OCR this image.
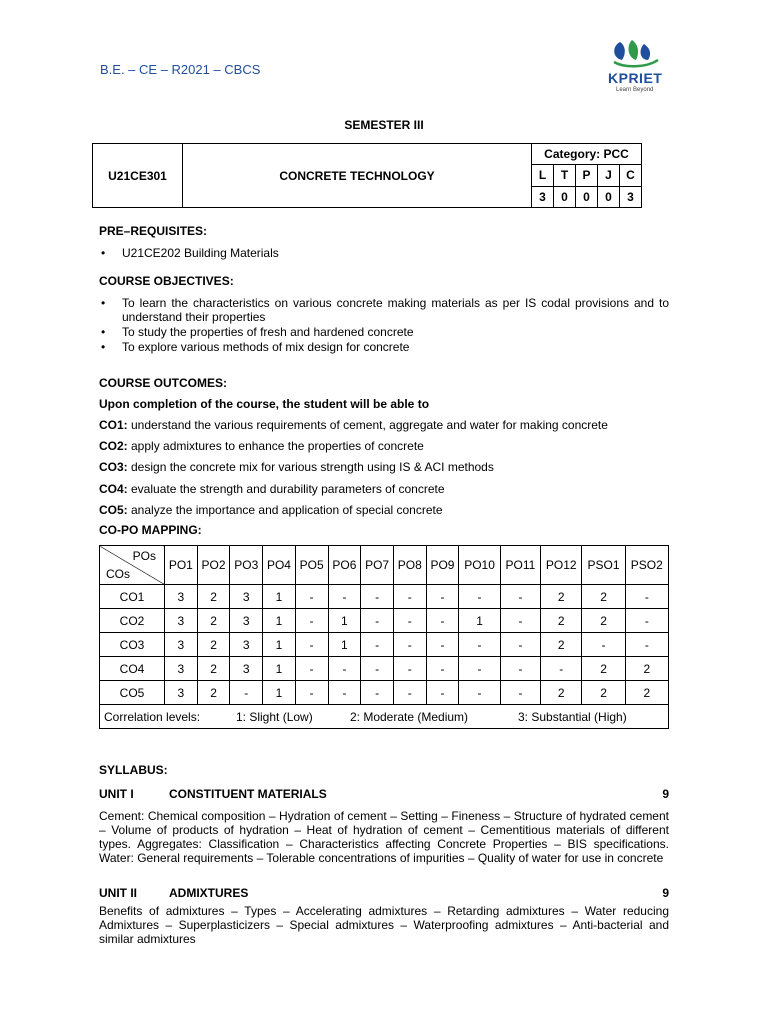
B.E. – CE – R2021 – CBCS
KPRIET
Learn Beyond
SEMESTER III
U21CE301	CONCRETE TECHNOLOGY	Category: PCC				
		L	T	P	J	C
		3	0	0	0	3
PRE–REQUISITES:
• U21CE202 Building Materials
COURSE OBJECTIVES:
• To learn the characteristics on various concrete making materials as per IS codal provisions and to understand their properties
• To study the properties of fresh and hardened concrete
• To explore various methods of mix design for concrete
COURSE OUTCOMES:
Upon completion of the course, the student will be able to
CO1: understand the various requirements of cement, aggregate and water for making concrete
CO2: apply admixtures to enhance the properties of concrete
CO3: design the concrete mix for various strength using IS & ACI methods
CO4: evaluate the strength and durability parameters of concrete
CO5: analyze the importance and application of special concrete
CO-PO MAPPING:
POs
COs	PO1	PO2	PO3	PO4	PO5	PO6	PO7	PO8	PO9	PO10	PO11	PO12	PSO1	PSO2
CO1	3	2	3	1	-	-	-	-	-	-	-	2	2	-
CO2	3	2	3	1	-	1	-	-	-	1	-	2	2	-
CO3	3	2	3	1	-	1	-	-	-	-	-	2	-	-
CO4	3	2	3	1	-	-	-	-	-	-	-	-	2	2
CO5	3	2	-	1	-	-	-	-	-	-	-	2	2	2
Correlation levels: 1: Slight (Low) 2: Moderate (Medium) 3: Substantial (High)														
SYLLABUS:
UNIT I	CONSTITUENT MATERIALS	9
Cement: Chemical composition – Hydration of cement – Setting – Fineness – Structure of hydrated cement – Volume of products of hydration – Heat of hydration of cement – Cementitious materials of different types. Aggregates: Classification – Characteristics affecting Concrete Properties – BIS specifications. Water: General requirements – Tolerable concentrations of impurities – Quality of water for use in concrete
UNIT II	ADMIXTURES	9
Benefits of admixtures – Types – Accelerating admixtures – Retarding admixtures – Water reducing Admixtures – Superplasticizers – Special admixtures – Waterproofing admixtures – Anti-bacterial and similar admixtures
